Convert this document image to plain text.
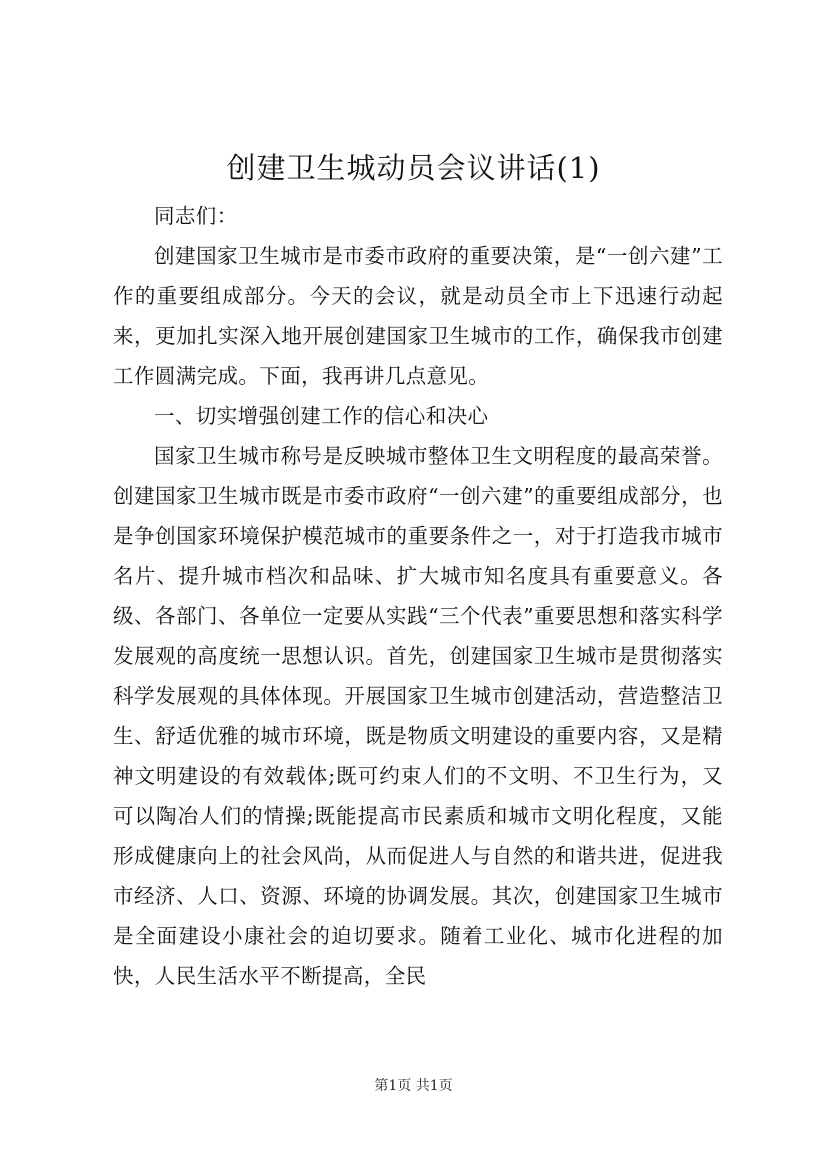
创建卫生城动员会议讲话(1)

同志们：

创建国家卫生城市是市委市政府的重要决策，是“一创六建”工作的重要组成部分。今天的会议，就是动员全市上下迅速行动起来，更加扎实深入地开展创建国家卫生城市的工作，确保我市创建工作圆满完成。下面，我再讲几点意见。

一、切实增强创建工作的信心和决心

国家卫生城市称号是反映城市整体卫生文明程度的最高荣誉。创建国家卫生城市既是市委市政府“一创六建”的重要组成部分，也是争创国家环境保护模范城市的重要条件之一，对于打造我市城市名片、提升城市档次和品味、扩大城市知名度具有重要意义。各级、各部门、各单位一定要从实践“三个代表”重要思想和落实科学发展观的高度统一思想认识。首先，创建国家卫生城市是贯彻落实科学发展观的具体体现。开展国家卫生城市创建活动，营造整洁卫生、舒适优雅的城市环境，既是物质文明建设的重要内容，又是精神文明建设的有效载体;既可约束人们的不文明、不卫生行为，又可以陶冶人们的情操;既能提高市民素质和城市文明化程度，又能形成健康向上的社会风尚，从而促进人与自然的和谐共进，促进我市经济、人口、资源、环境的协调发展。其次，创建国家卫生城市是全面建设小康社会的迫切要求。随着工业化、城市化进程的加快，人民生活水平不断提高，全民

第1页 共1页
